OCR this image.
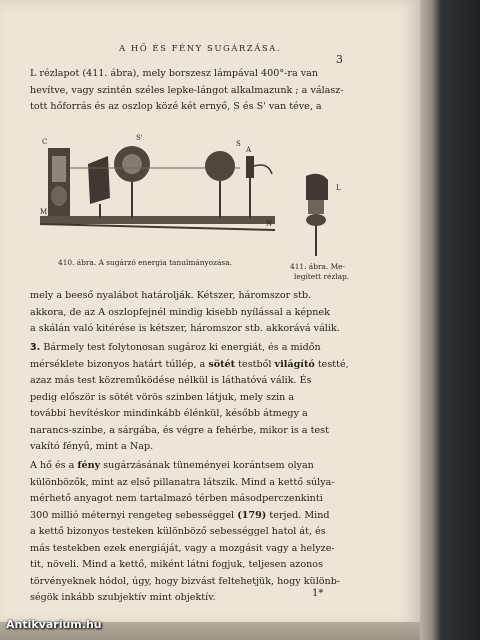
A HŐ ÉS FÉNY SUGÁRZÁSA.
3
L rézlapot (411. ábra), mely borszesz lámpával 400°-ra van
hevítve, vagy szintén széles lepke-lángot alkalmazunk ; a válasz-
tott hőforrás és az oszlop közé két ernyő, S és S' van téve, a
C
M
S'
S
A
N
L
410. ábra. A sugárzó energia tanulmányozása.	411. ábra. Me-
legített rézlap.
mely a beeső nyalábot határolják. Kétszer, háromszor stb.
akkora, de az A oszlopfejnél mindig kisebb nyílással a képnek
a skálán való kitérése is kétszer, háromszor stb. akkorává válik.
3. Bármely test folytonosan sugároz ki energiát, és a midőn
mérséklete bizonyos határt túllép, a sötét testből világító testté,
azaz más test közreműködése nélkül is láthatóvá válik. És
pedig először is sötét vörös szinben látjuk, mely szin a
további hevítéskor mindinkább élénkül, később átmegy a
narancs-szinbe, a sárgába, és végre a fehérbe, mikor is a test
vakító fényű, mint a Nap.
A hő és a fény sugárzásának tüneményei korántsem olyan
különbözők, mint az első pillanatra látszik. Mind a kettő súlya-
mérhető anyagot nem tartalmazó térben másodperczenkinti
300 millió méternyi rengeteg sebességgel (179) terjed. Mind
a kettő bizonyos testeken különböző sebességgel hatol át, és
más testekben ezek energiáját, vagy a mozgásit vagy a helyze-
tit, növeli. Mind a kettő, miként látni fogjuk, teljesen azonos
törvényeknek hódol, úgy, hogy bizvást feltehetjük, hogy különb-
ségök inkább szubjektív mint objektív.	1*
Antikvarium.hu
